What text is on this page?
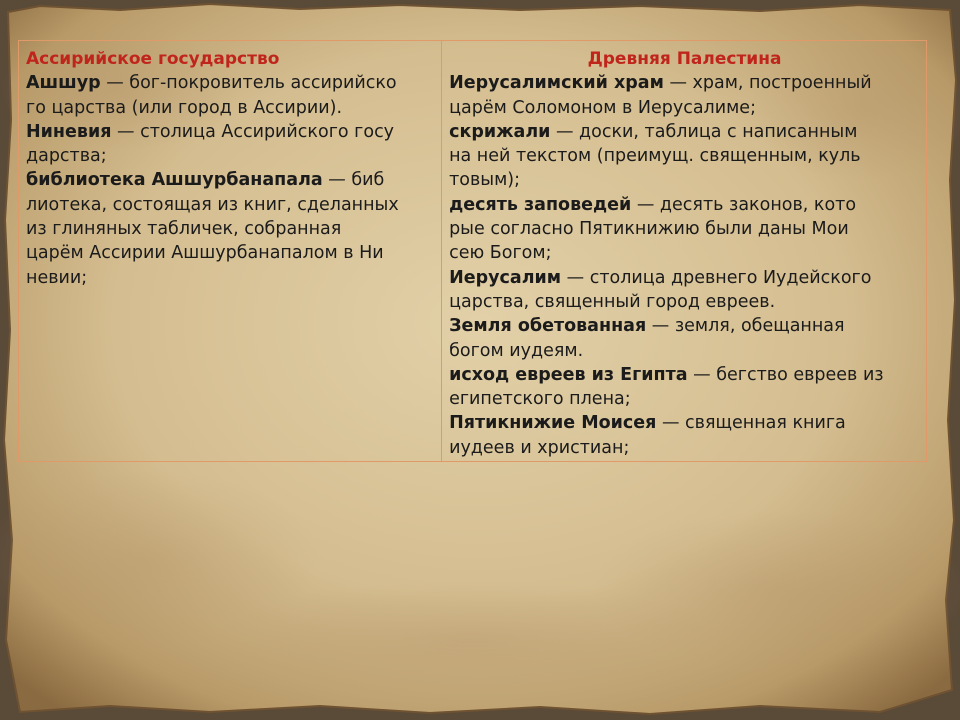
Ассирийское государство

Ашшур — бог-покровитель ассирийско

го царства (или город в Ассирии).

Ниневия — столица Ассирийского госу

дарства;

библиотека Ашшурбанапала — биб

лиотека, состоящая из книг, сделанных

из глиняных табличек, собранная

царём Ассирии Ашшурбанапалом в Ни

невии;

Древняя Палестина

Иерусалимский храм — храм, построенный

царём Соломоном в Иерусалиме;

скрижали — доски, таблица с написанным

на ней текстом (преимущ. священным, куль

товым);

десять заповедей — десять законов, кото

рые согласно Пятикнижию были даны Мои

сею Богом;

Иерусалим — столица древнего Иудейского

царства, священный город евреев.

Земля обетованная — земля, обещанная

богом иудеям.

исход евреев из Египта — бегство евреев из

египетского плена;

Пятикнижие Моисея — священная книга

иудеев и христиан;
